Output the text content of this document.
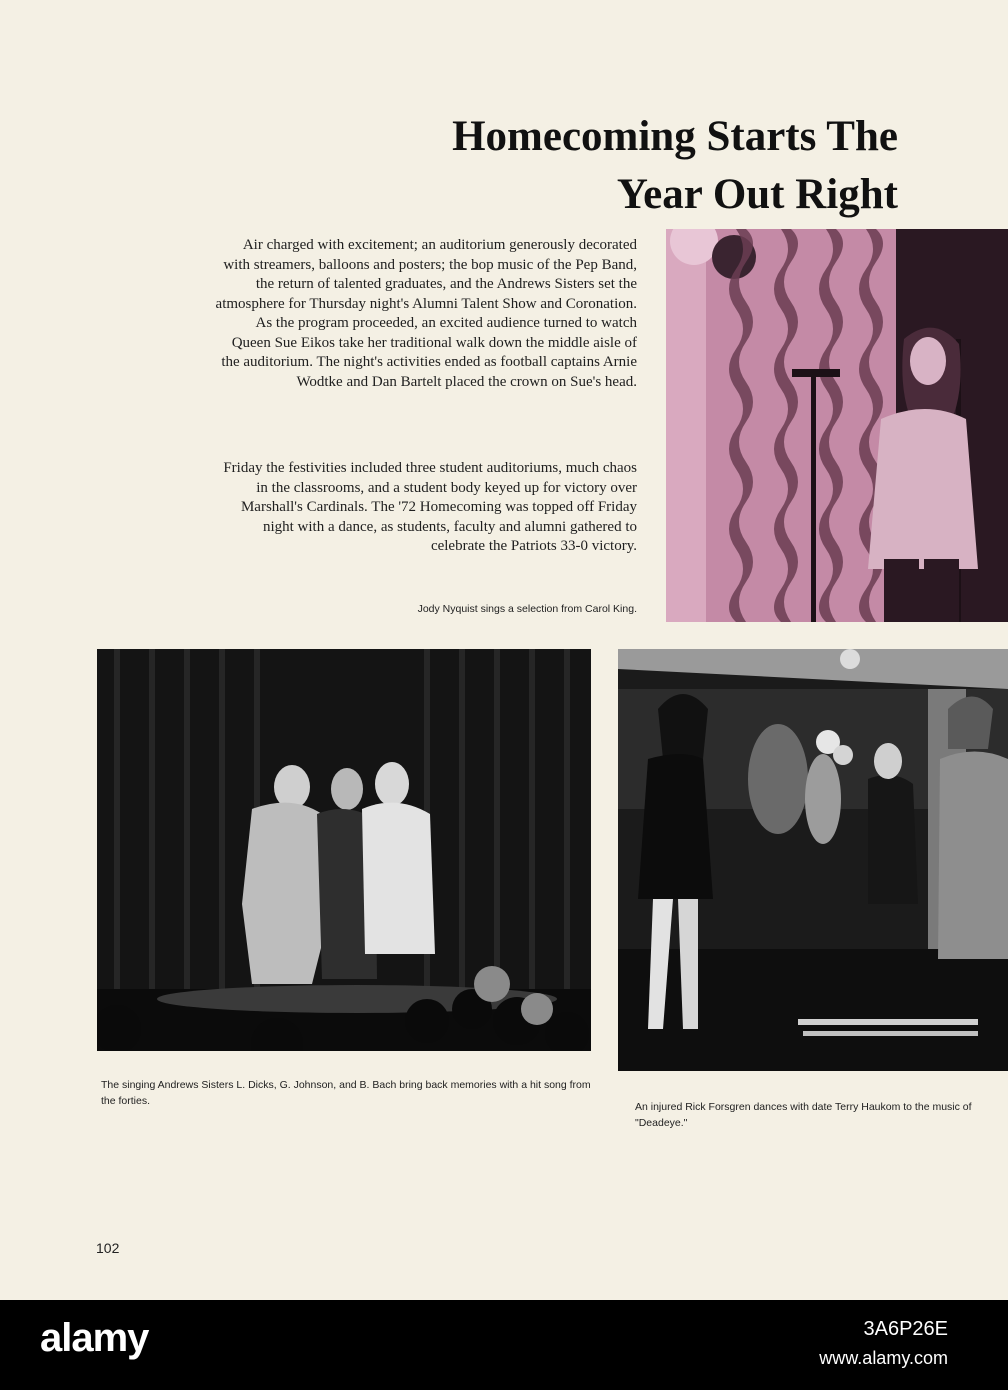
Homecoming Starts The
Year Out Right

Air charged with excitement; an auditorium generously decorated with streamers, balloons and posters; the bop music of the Pep Band, the return of talented graduates, and the Andrews Sisters set the atmosphere for Thursday night's Alumni Talent Show and Coronation. As the program proceeded, an excited audience turned to watch Queen Sue Eikos take her traditional walk down the middle aisle of the auditorium. The night's activities ended as football captains Arnie Wodtke and Dan Bartelt placed the crown on Sue's head.

Friday the festivities included three student auditoriums, much chaos in the classrooms, and a student body keyed up for victory over Marshall's Cardinals. The '72 Homecoming was topped off Friday night with a dance, as students, faculty and alumni gathered to celebrate the Patriots 33-0 victory.

Jody Nyquist sings a selection from Carol King.
The singing Andrews Sisters L. Dicks, G. Johnson, and B. Bach bring back memories with a hit song from the forties.	An injured Rick Forsgren dances with date Terry Haukom to the music of "Deadeye."
102
alamy	3A6P26E
www.alamy.com
